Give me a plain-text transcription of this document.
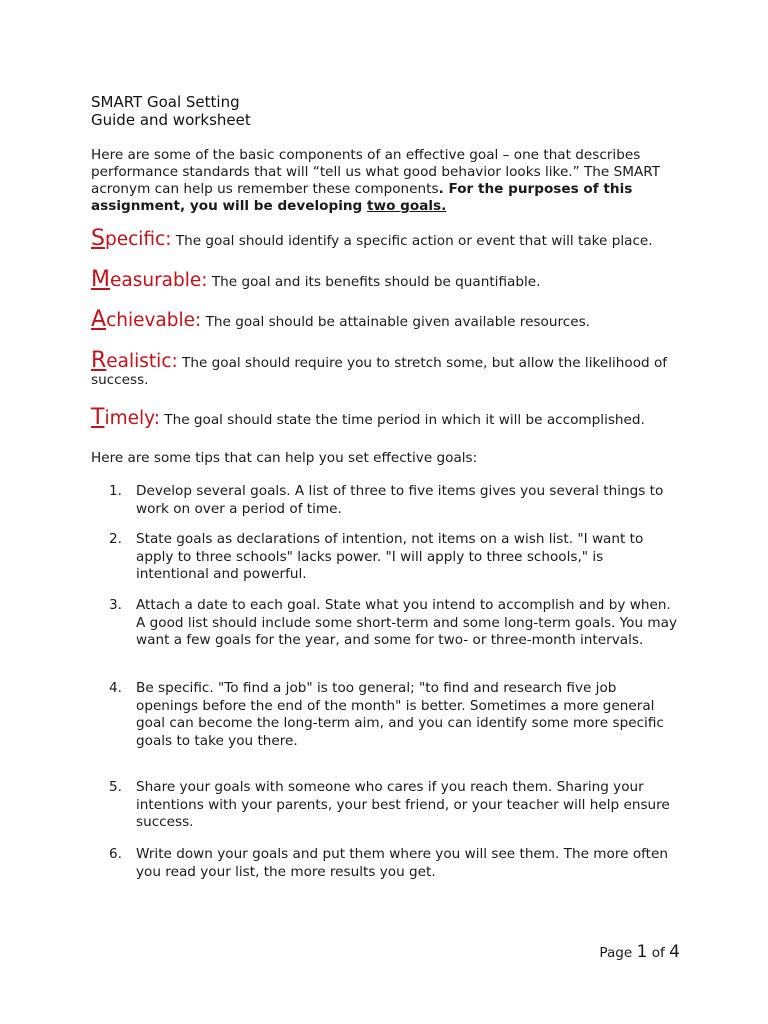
SMART Goal Setting
Guide and worksheet
Here are some of the basic components of an effective goal – one that describes performance standards that will “tell us what good behavior looks like.” The SMART acronym can help us remember these components. For the purposes of this assignment, you will be developing two goals.
Specific: The goal should identify a specific action or event that will take place.
Measurable: The goal and its benefits should be quantifiable.
Achievable: The goal should be attainable given available resources.
Realistic: The goal should require you to stretch some, but allow the likelihood of success.
Timely: The goal should state the time period in which it will be accomplished.
Here are some tips that can help you set effective goals:
1.	Develop several goals. A list of three to five items gives you several things to work on over a period of time.
2.	State goals as declarations of intention, not items on a wish list. "I want to apply to three schools" lacks power. "I will apply to three schools," is intentional and powerful.
3.	Attach a date to each goal. State what you intend to accomplish and by when. A good list should include some short-term and some long-term goals. You may want a few goals for the year, and some for two- or three-month intervals.
4.	Be specific. "To find a job" is too general; "to find and research five job openings before the end of the month" is better. Sometimes a more general goal can become the long-term aim, and you can identify some more specific goals to take you there.
5.	Share your goals with someone who cares if you reach them. Sharing your intentions with your parents, your best friend, or your teacher will help ensure success.
6.	Write down your goals and put them where you will see them. The more often you read your list, the more results you get.
Page 1 of 4
